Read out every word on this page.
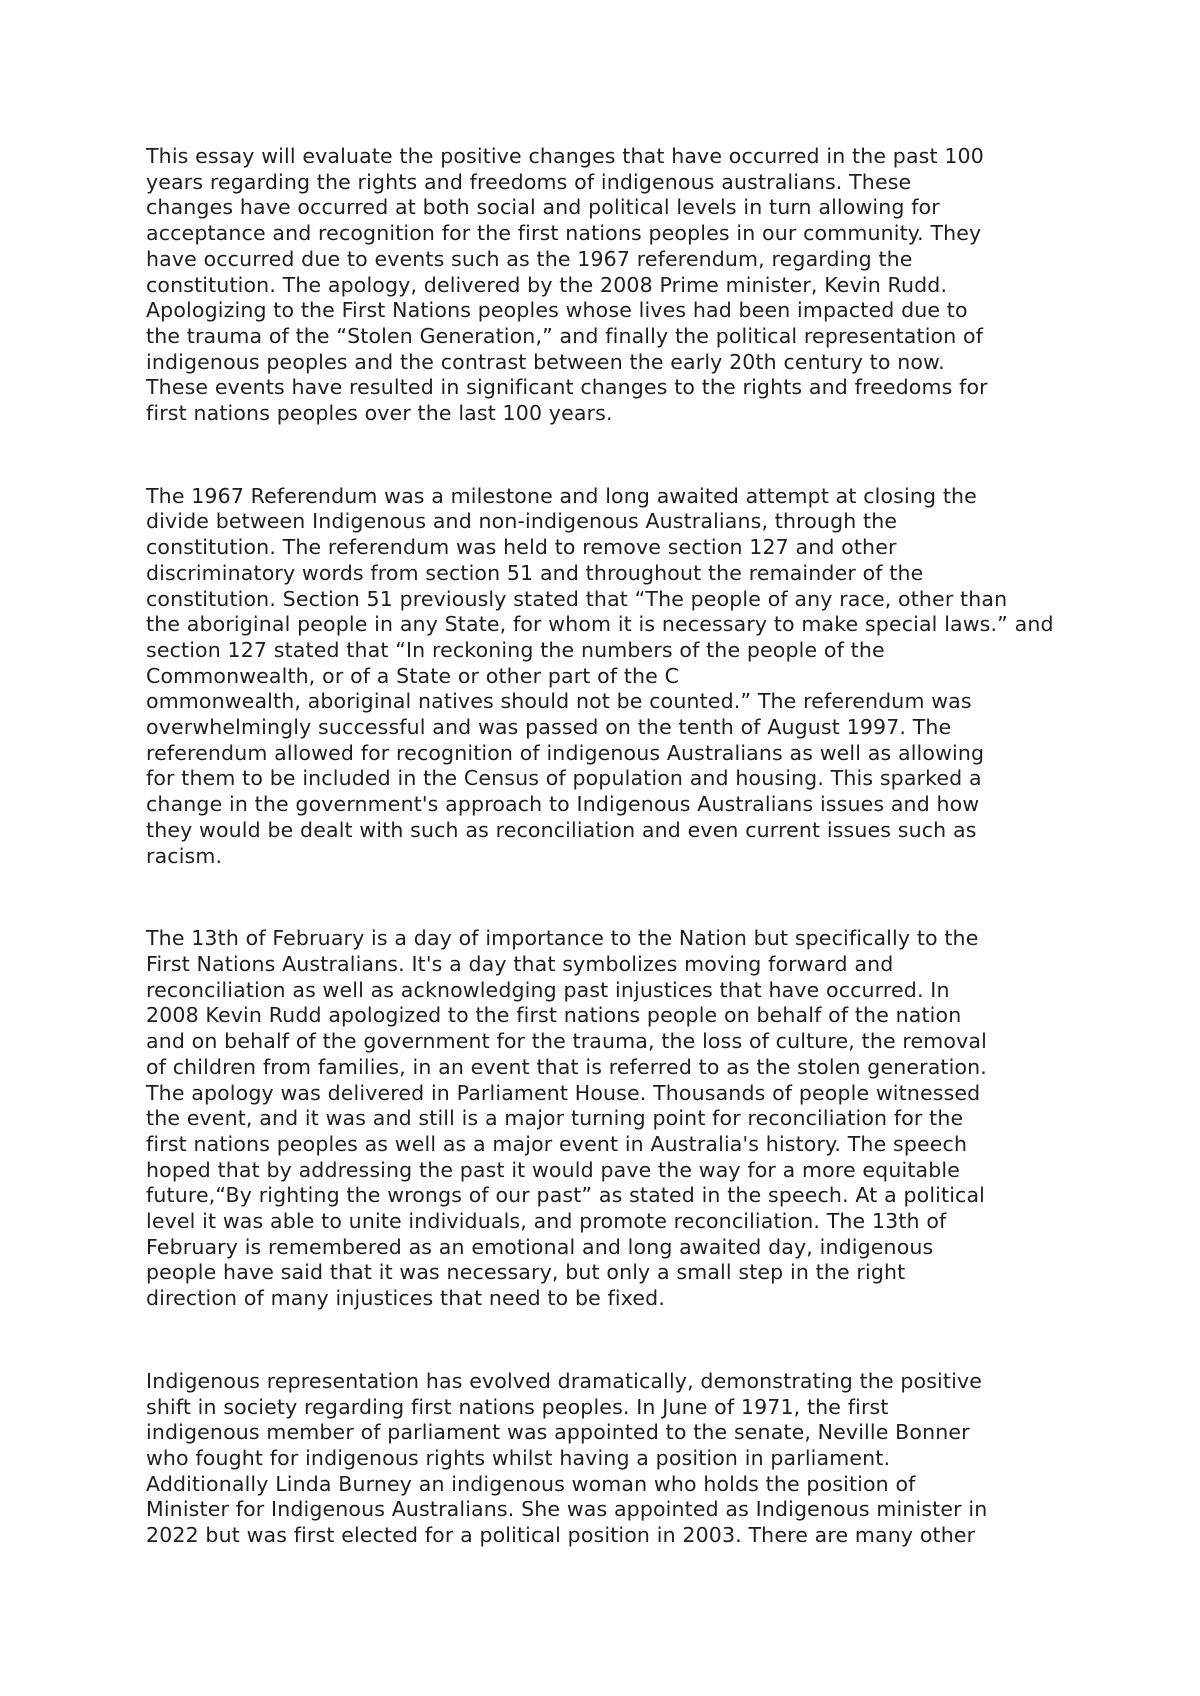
This essay will evaluate the positive changes that have occurred in the past 100
years regarding the rights and freedoms of indigenous australians. These
changes have occurred at both social and political levels in turn allowing for
acceptance and recognition for the first nations peoples in our community. They
have occurred due to events such as the 1967 referendum, regarding the
constitution. The apology, delivered by the 2008 Prime minister, Kevin Rudd.
Apologizing to the First Nations peoples whose lives had been impacted due to
the trauma of the “Stolen Generation,” and finally the political representation of
indigenous peoples and the contrast between the early 20th century to now.
These events have resulted in significant changes to the rights and freedoms for
first nations peoples over the last 100 years.

The 1967 Referendum was a milestone and long awaited attempt at closing the
divide between Indigenous and non-indigenous Australians, through the
constitution. The referendum was held to remove section 127 and other
discriminatory words from section 51 and throughout the remainder of the
constitution. Section 51 previously stated that “The people of any race, other than
the aboriginal people in any State, for whom it is necessary to make special laws.” and
section 127 stated that “In reckoning the numbers of the people of the
Commonwealth, or of a State or other part of the C
ommonwealth, aboriginal natives should not be counted.” The referendum was
overwhelmingly successful and was passed on the tenth of August 1997. The
referendum allowed for recognition of indigenous Australians as well as allowing
for them to be included in the Census of population and housing. This sparked a
change in the government's approach to Indigenous Australians issues and how
they would be dealt with such as reconciliation and even current issues such as
racism.

The 13th of February is a day of importance to the Nation but specifically to the
First Nations Australians. It's a day that symbolizes moving forward and
reconciliation as well as acknowledging past injustices that have occurred. In
2008 Kevin Rudd apologized to the first nations people on behalf of the nation
and on behalf of the government for the trauma, the loss of culture, the removal
of children from families, in an event that is referred to as the stolen generation.
The apology was delivered in Parliament House. Thousands of people witnessed
the event, and it was and still is a major turning point for reconciliation for the
first nations peoples as well as a major event in Australia's history. The speech
hoped that by addressing the past it would pave the way for a more equitable
future,“By righting the wrongs of our past” as stated in the speech. At a political
level it was able to unite individuals, and promote reconciliation. The 13th of
February is remembered as an emotional and long awaited day, indigenous
people have said that it was necessary, but only a small step in the right
direction of many injustices that need to be fixed.

Indigenous representation has evolved dramatically, demonstrating the positive
shift in society regarding first nations peoples. In June of 1971, the first
indigenous member of parliament was appointed to the senate, Neville Bonner
who fought for indigenous rights whilst having a position in parliament.
Additionally Linda Burney an indigenous woman who holds the position of
Minister for Indigenous Australians. She was appointed as Indigenous minister in
2022 but was first elected for a political position in 2003. There are many other
